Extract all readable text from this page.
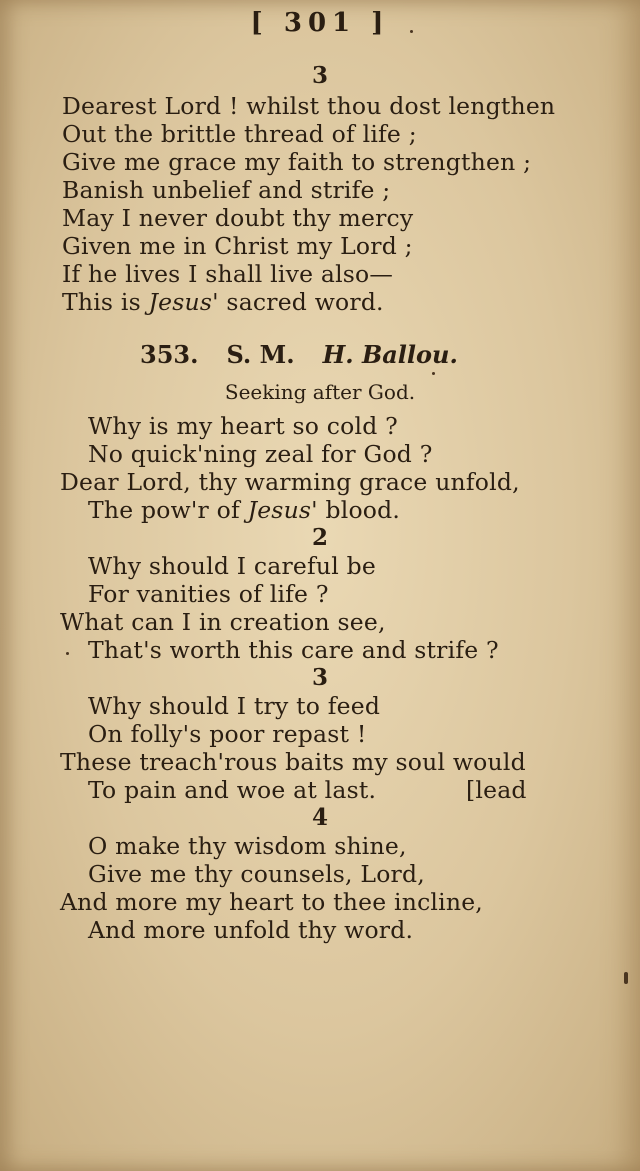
[ 301 ]
3
Dearest Lord ! whilst thou dost lengthen
Out the brittle thread of life ;
Give me grace my faith to strengthen ;
Banish unbelief and strife ;
May I never doubt thy mercy
Given me in Christ my Lord ;
If he lives I shall live also—
This is Jesus' sacred word.
353. S. M. H. Ballou.
Seeking after God.
Why is my heart so cold ?
No quick'ning zeal for God ?
Dear Lord, thy warming grace unfold,
The pow'r of Jesus' blood.
2
Why should I careful be
For vanities of life ?
What can I in creation see,
That's worth this care and strife ?
3
Why should I try to feed
On folly's poor repast !
These treach'rous baits my soul would
To pain and woe at last.	[lead
4
O make thy wisdom shine,
Give me thy counsels, Lord,
And more my heart to thee incline,
And more unfold thy word.
